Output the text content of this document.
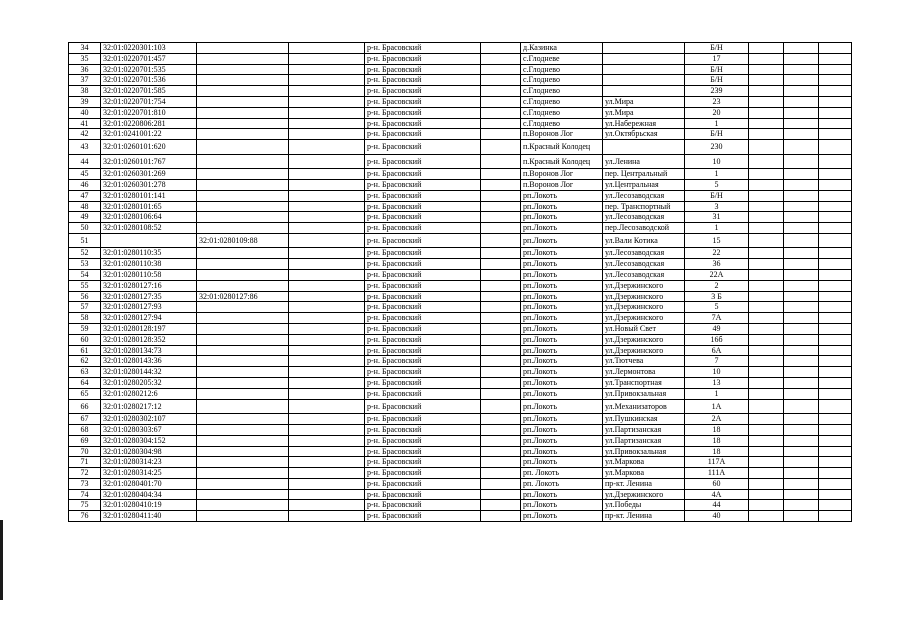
34	32:01:0220301:103			р-н. Брасовский		д.Казинка		Б/Н			
35	32:01:0220701:457			р-н. Брасовский		с.Глодневе		17			
36	32:01:0220701:535			р-н. Брасовский		с.Глоднево		Б/Н			
37	32:01:0220701:536			р-н. Брасовский		с.Глоднево		Б/Н			
38	32:01:0220701:585			р-н. Брасовский		с.Глоднево		239			
39	32:01:0220701:754			р-н. Брасовский		с.Глоднево	ул.Мира	23			
40	32:01:0220701:810			р-н. Брасовский		с.Глоднево	ул.Мира	20			
41	32:01:0220806:281			р-н. Брасовский		с.Глоднево	ул.Набережная	1			
42	32:01:0241001:22			р-н. Брасовский		п.Воронов Лог	ул.Октябрьская	Б/Н			
43	32:01:0260101:620			р-н. Брасовский		п.Красный Колодец		230			
44	32:01:0260101:767			р-н. Брасовский		п.Красный Колодец	ул.Ленина	10			
45	32:01:0260301:269			р-н. Брасовский		п.Воронов Лог	пер. Центральный	1			
46	32:01:0260301:278			р-н. Брасовский		п.Воронов Лог	ул.Центральная	5			
47	32:01:0280101:141			р-н. Брасовский		рп.Локоть	ул.Лесозаводская	Б/Н			
48	32:01:0280101:65			р-н. Брасовский		рп.Локоть	пер. Транспортный	3			
49	32:01:0280106:64			р-н. Брасовский		рп.Локоть	ул.Лесозаводская	31			
50	32:01:0280108:52			р-н. Брасовский		рп.Локоть	пер.Лесозаводской	1			
51		32:01:0280109:88		р-н. Брасовский		рп.Локоть	ул.Вали Котика	15			
52	32:01:0280110:35			р-н. Брасовский		рп.Локоть	ул.Лесозаводская	22			
53	32:01:0280110:38			р-н. Брасовский		рп.Локоть	ул.Лесозаводская	36			
54	32:01:0280110:58			р-н. Брасовский		рп.Локоть	ул.Лесозаводская	22А			
55	32:01:0280127:16			р-н. Брасовский		рп.Локоть	ул.Дзержинского	2			
56	32:01:0280127:35	32:01:0280127:86		р-н. Брасовский		рп.Локоть	ул.Дзержинского	3 Б			
57	32:01:0280127:93			р-н. Брасовский		рп.Локоть	ул.Дзержинского	5			
58	32:01:0280127:94			р-н. Брасовский		рп.Локоть	ул.Дзержинского	7А			
59	32:01:0280128:197			р-н. Брасовский		рп.Локоть	ул.Новый Свет	49			
60	32:01:0280128:352			р-н. Брасовский		рп.Локоть	ул.Дзержинского	16б			
61	32:01:0280134:73			р-н. Брасовский		рп.Локоть	ул.Дзержинского	6А			
62	32:01:0280143:36			р-н. Брасовский		рп.Локоть	ул.Тютчева	7			
63	32:01:0280144:32			р-н. Брасовский		рп.Локоть	ул.Лермонтова	10			
64	32:01:0280205:32			р-н. Брасовский		рп.Локоть	ул.Транспортная	13			
65	32:01:0280212:6			р-н. Брасовский		рп.Локоть	ул.Привокзальная	1			
66	32:01:0280217:12			р-н. Брасовский		рп.Локоть	ул.Механизаторов	1А			
67	32:01:0280302:107			р-н. Брасовский		рп.Локоть	ул.Пушкинская	2А			
68	32:01:0280303:67			р-н. Брасовский		рп.Локоть	ул.Партизанская	18			
69	32:01:0280304:152			р-н. Брасовский		рп.Локоть	ул.Партизанская	18			
70	32:01:0280304:98			р-н. Брасовский		рп.Локоть	ул.Привокзальная	18			
71	32:01:0280314:23			р-н. Брасовский		рп.Локоть	ул.Маркова	117А			
72	32:01:0280314:25			р-н. Брасовский		рп. Локоть	ул.Маркова	111А			
73	32:01:0280401:70			р-н. Брасовский		рп. Локоть	пр-кт. Ленина	60			
74	32:01:0280404:34			р-н. Брасовский		рп.Локоть	ул.Дзержинского	4А			
75	32:01:0280410:19			р-н. Брасовский		рп.Локоть	ул.Победы	44			
76	32:01:0280411:40			р-н. Брасовский		рп.Локоть	пр-кт. Ленина	40			
